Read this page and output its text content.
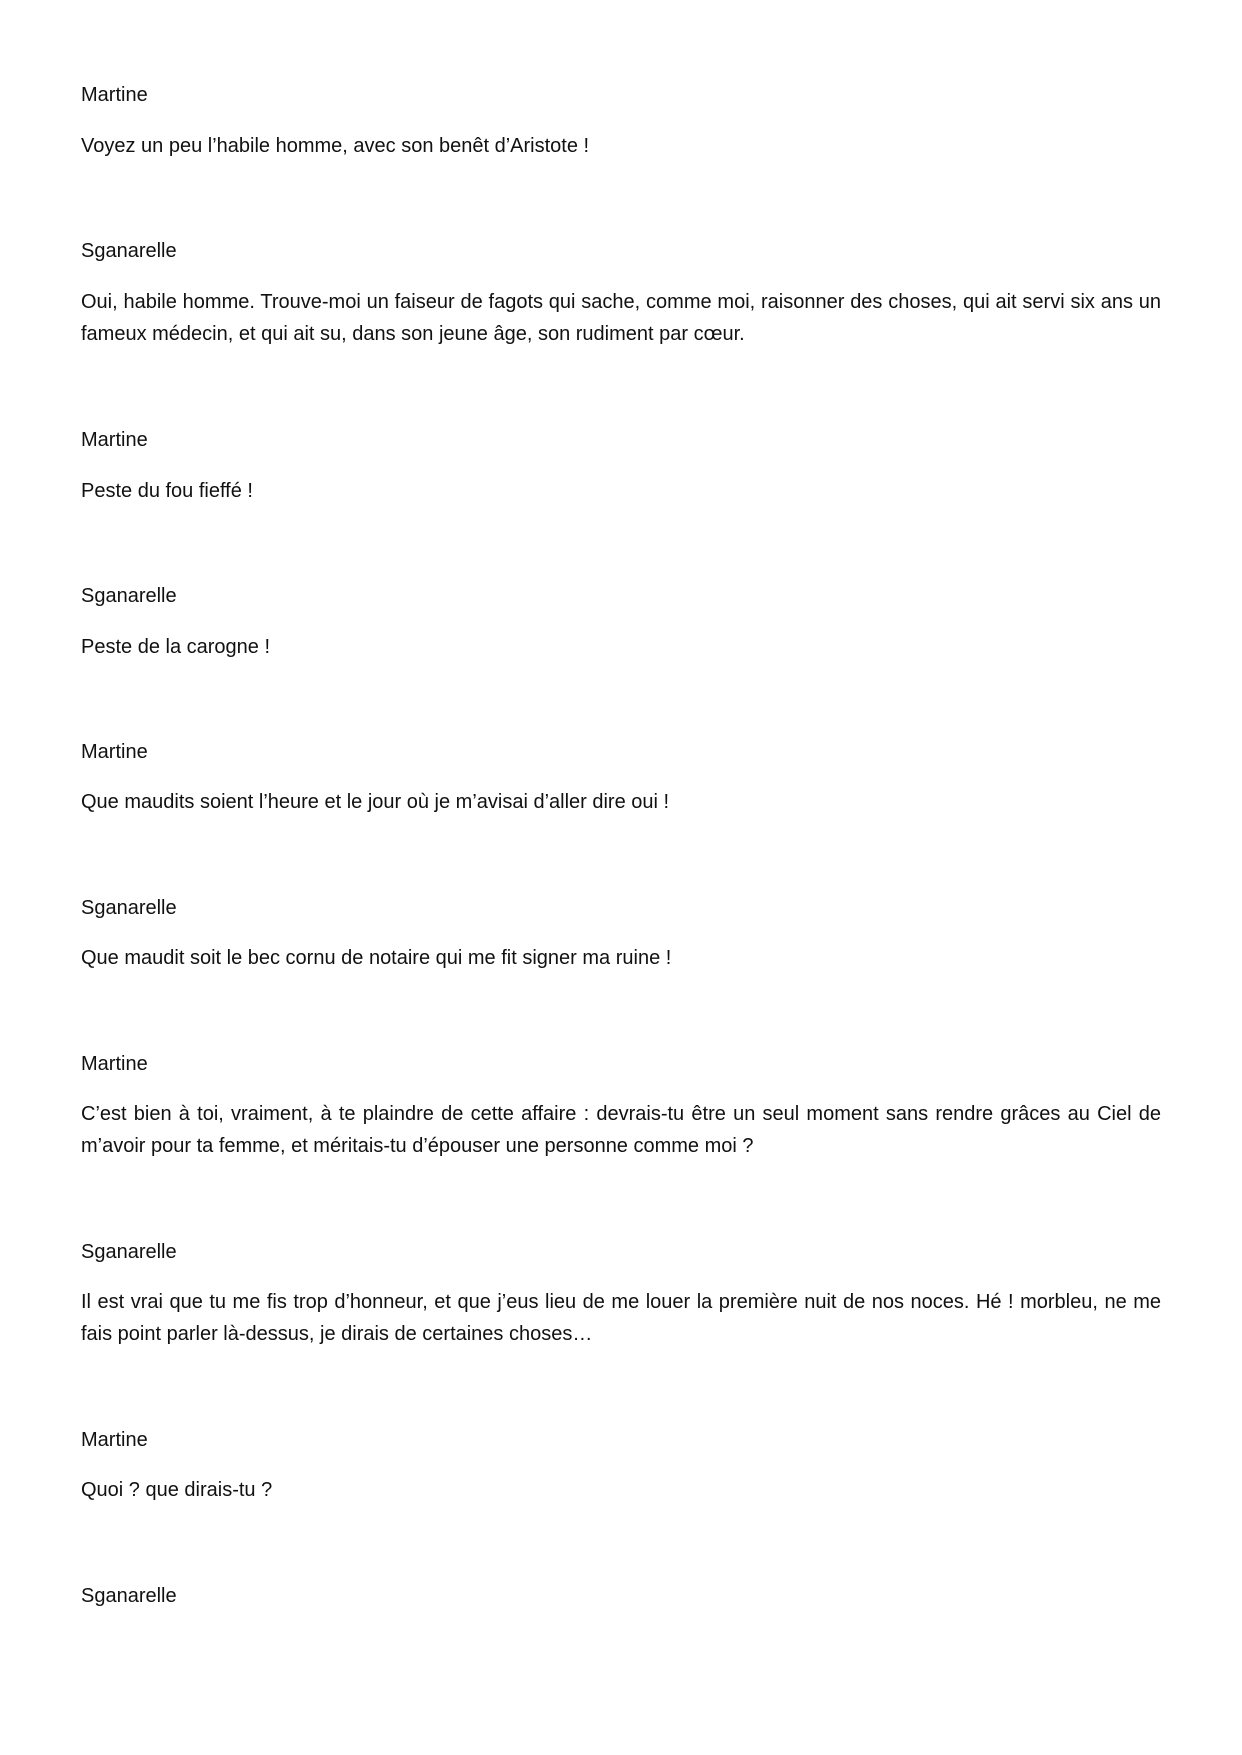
Martine

Voyez un peu l’habile homme, avec son benêt d’Aristote !

Sganarelle

Oui, habile homme. Trouve-moi un faiseur de fagots qui sache, comme moi, raisonner des choses, qui ait servi six ans un fameux médecin, et qui ait su, dans son jeune âge, son rudiment par cœur.

Martine

Peste du fou fieffé !

Sganarelle

Peste de la carogne !

Martine

Que maudits soient l’heure et le jour où je m’avisai d’aller dire oui !

Sganarelle

Que maudit soit le bec cornu de notaire qui me fit signer ma ruine !

Martine

C’est bien à toi, vraiment, à te plaindre de cette affaire : devrais-tu être un seul moment sans rendre grâces au Ciel de m’avoir pour ta femme, et méritais-tu d’épouser une personne comme moi ?

Sganarelle

Il est vrai que tu me fis trop d’honneur, et que j’eus lieu de me louer la première nuit de nos noces. Hé ! morbleu, ne me fais point parler là-dessus, je dirais de certaines choses…

Martine

Quoi ? que dirais-tu ?

Sganarelle
